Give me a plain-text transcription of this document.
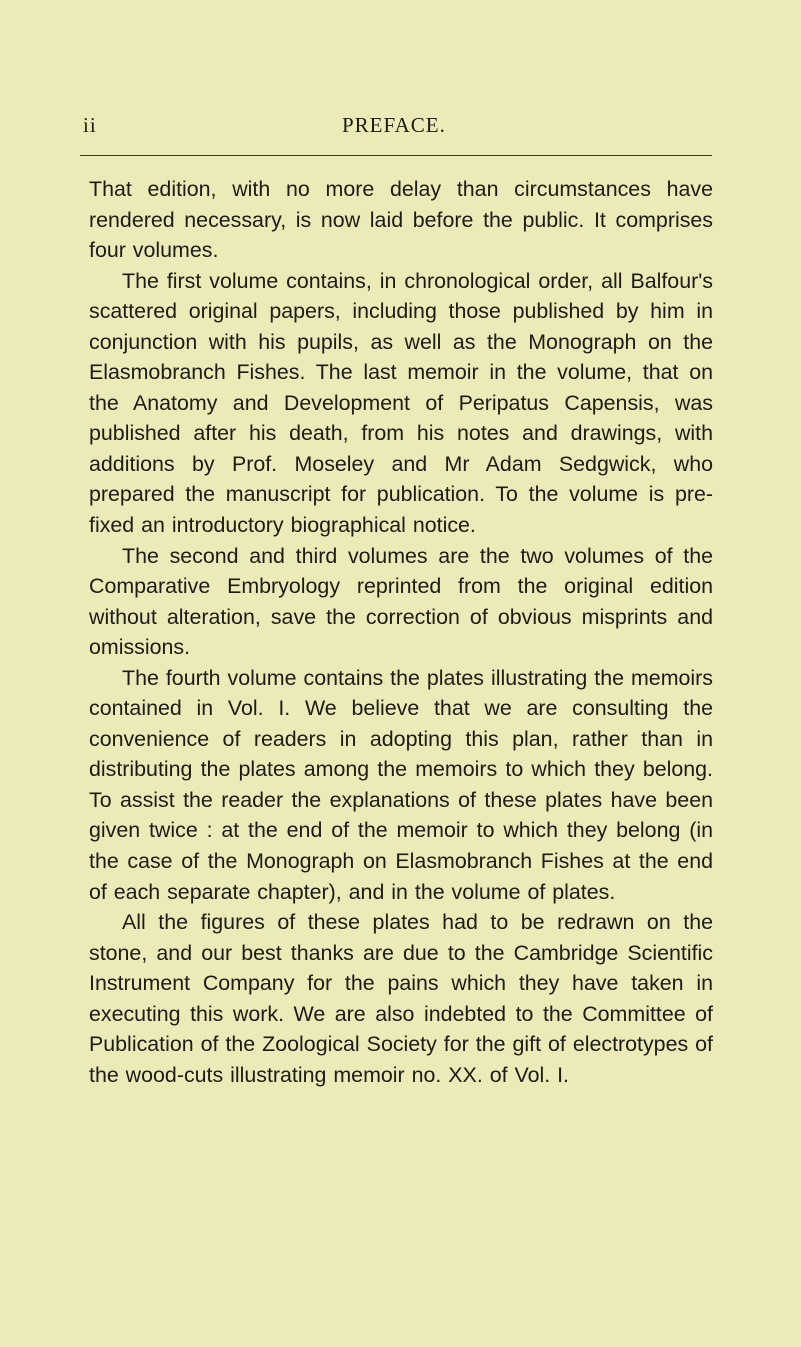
ii	PREFACE.

That edition, with no more delay than circumstances have rendered necessary, is now laid before the public. It comprises four volumes.

The first volume contains, in chronological order, all Balfour's scattered original papers, including those published by him in conjunction with his pupils, as well as the Monograph on the Elasmobranch Fishes. The last memoir in the volume, that on the Anatomy and Development of Peripatus Capensis, was published after his death, from his notes and drawings, with additions by Prof. Moseley and Mr Adam Sedgwick, who prepared the manuscript for publication. To the volume is pre-fixed an introductory biographical notice.

The second and third volumes are the two volumes of the Comparative Embryology reprinted from the original edition without alteration, save the correction of obvious misprints and omissions.

The fourth volume contains the plates illustrating the memoirs contained in Vol. I. We believe that we are consulting the convenience of readers in adopting this plan, rather than in distributing the plates among the memoirs to which they belong. To assist the reader the explanations of these plates have been given twice : at the end of the memoir to which they belong (in the case of the Monograph on Elasmobranch Fishes at the end of each separate chapter), and in the volume of plates.

All the figures of these plates had to be redrawn on the stone, and our best thanks are due to the Cambridge Scientific Instrument Company for the pains which they have taken in executing this work. We are also indebted to the Committee of Publication of the Zoological Society for the gift of electrotypes of the wood-cuts illustrating memoir no. XX. of Vol. I.
